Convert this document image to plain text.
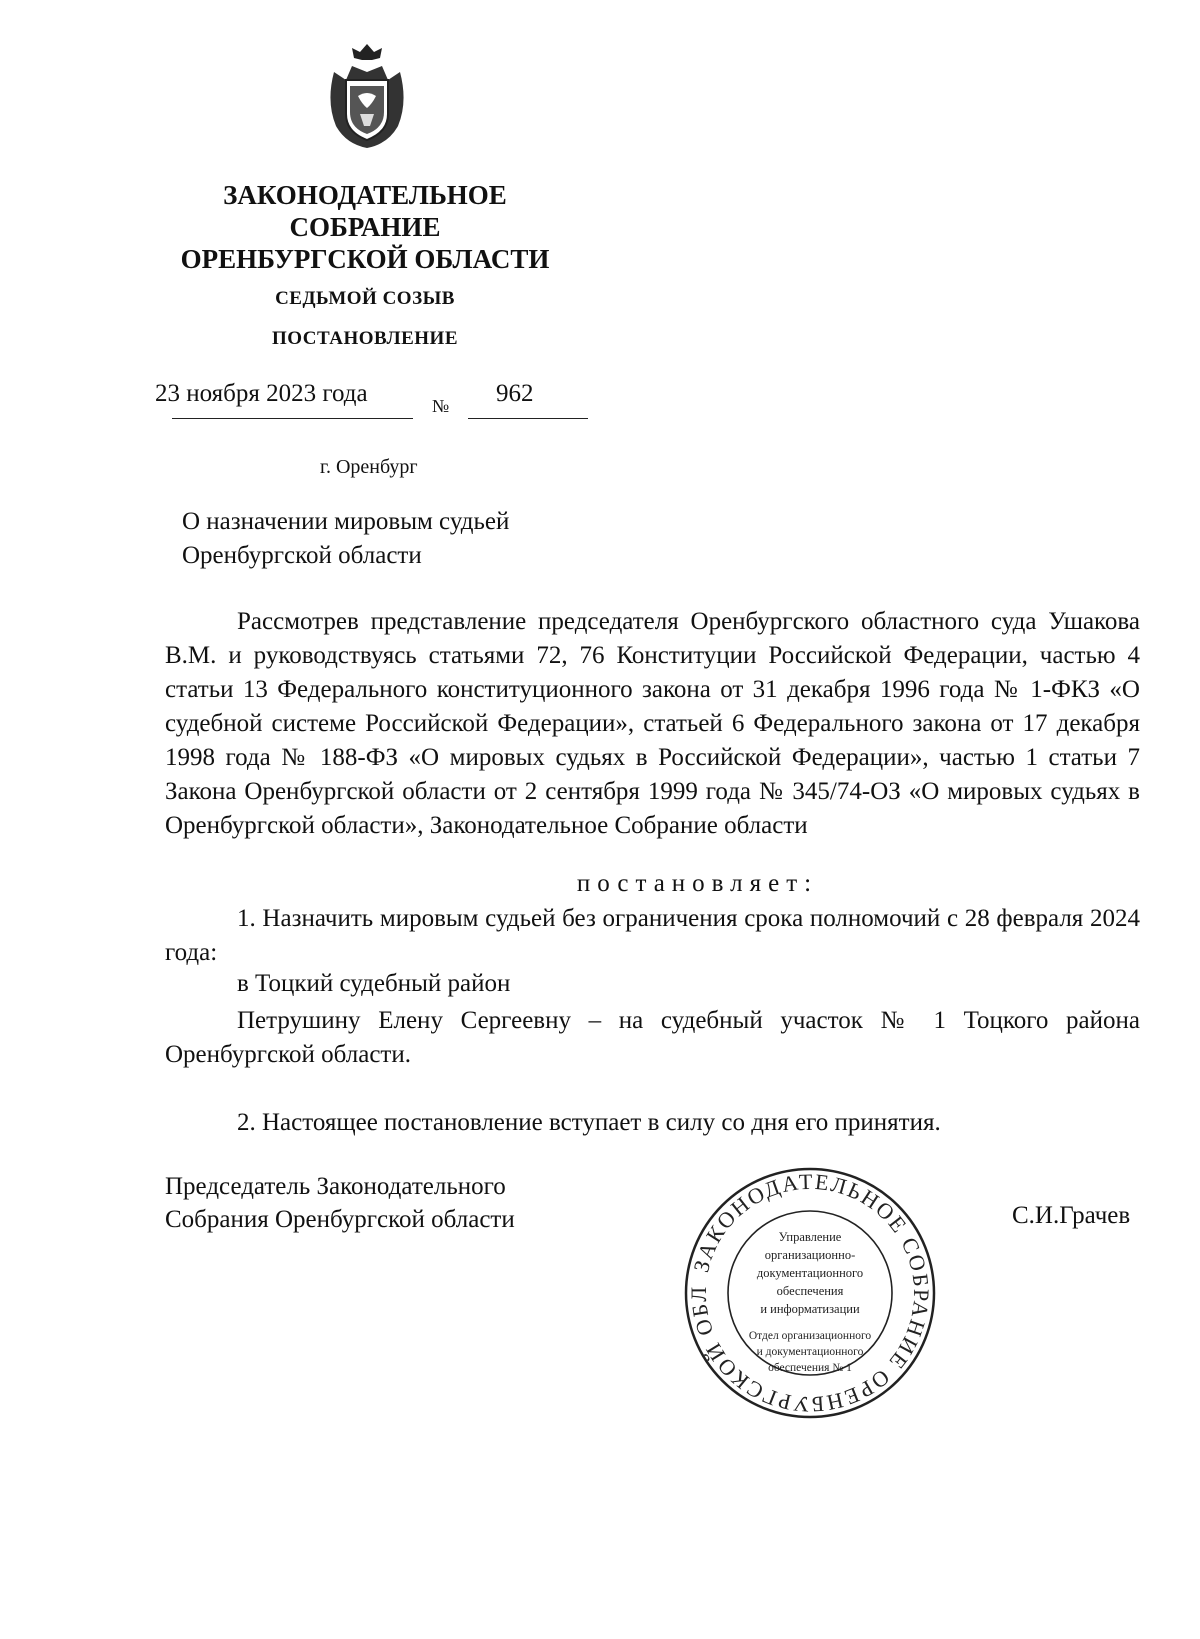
ЗАКОНОДАТЕЛЬНОЕ
СОБРАНИЕ
ОРЕНБУРГСКОЙ ОБЛАСТИ
СЕДЬМОЙ СОЗЫВ
ПОСТАНОВЛЕНИЕ
23 ноября 2023 года	№ 962
г. Оренбург
О назначении мировым судьей
Оренбургской области

Рассмотрев представление председателя Оренбургского областного суда Ушакова В.М. и руководствуясь статьями 72, 76 Конституции Российской Федерации, частью 4 статьи 13 Федерального конституционного закона от 31 декабря 1996 года № 1-ФКЗ «О судебной системе Российской Федерации», статьей 6 Федерального закона от 17 декабря 1998 года № 188-ФЗ «О мировых судьях в Российской Федерации», частью 1 статьи 7 Закона Оренбургской области от 2 сентября 1999 года № 345/74-ОЗ «О мировых судьях в Оренбургской области», Законодательное Собрание области

постановляет:

1. Назначить мировым судьей без ограничения срока полномочий с 28 февраля 2024 года:

в Тоцкий судебный район

Петрушину Елену Сергеевну – на судебный участок № 1 Тоцкого района Оренбургской области.

2. Настоящее постановление вступает в силу со дня его принятия.

Председатель Законодательного
Собрания Оренбургской области	С.И.Грачев
ЗАКОНОДАТЕЛЬНОЕ СОБРАНИЕ ОРЕНБУРГСКОЙ ОБЛ
Управление
организационно-
документационного
обеспечения
и информатизации
Отдел организационного
и документационного
обеспечения № 1
